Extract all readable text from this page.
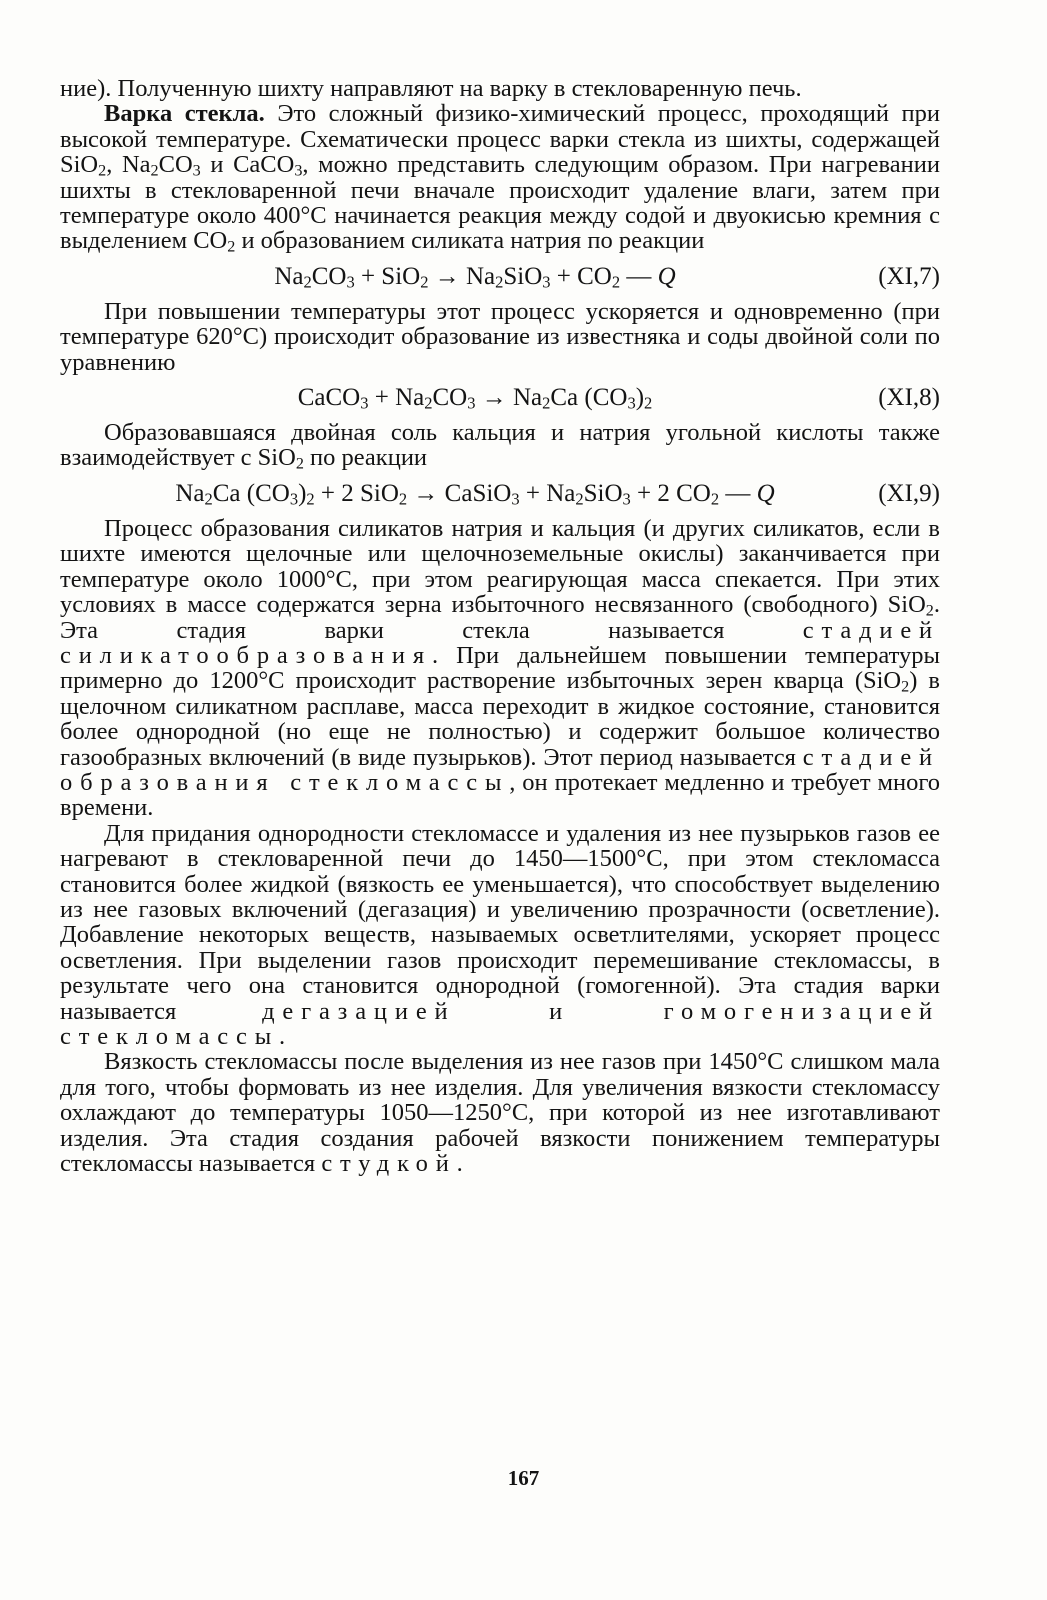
ние). Полученную шихту направляют на варку в стекловаренную печь.

Варка стекла. Это сложный физико-химический процесс, проходящий при высокой температуре. Схематически процесс варки стекла из шихты, содержащей SiO$_2$, $Na_2CO_3$ и CaCO$_3$, можно представить следующим образом. При нагревании шихты в стекловаренной печи вначале происходит удаление влаги, затем при температуре около 400°С начинается реакция между содой и двуокисью кремния с выделением $CO_2$ и образованием силиката натрия по реакции

$Na_2CO_3 + SiO_2 \to Na_2SiO_3 + CO_2$ — Q	(XI,7)

При повышении температуры этот процесс ускоряется и одновременно (при температуре 620°С) происходит образование из известняка и соды двойной соли по уравнению

CaCO$_3$ + $Na_2CO_3 \to Na_2Ca$ $(CO_3)_2$	(XI,8)

Образовавшаяся двойная соль кальция и натрия угольной кислоты также взаимодействует с SiO$_2$ по реакции

$Na_2Ca$ $(CO_3)_2 + 2$ SiO$_2$ → CaSiO$_3$ + $Na_2SiO_3 + 2$ $CO_2$ — Q	(XI,9)

Процесс образования силикатов натрия и кальция (и других силикатов, если в шихте имеются щелочные или щелочноземельные окислы) заканчивается при температуре около 1000°С, при этом реагирующая масса спекается. При этих условиях в массе содержатся зерна избыточного несвязанного (свободного) SiO$_2$. Эта стадия варки стекла называется стадией силикатообразования. При дальнейшем повышении температуры примерно до 1200°С происходит растворение избыточных зерен кварца (SiO$_2$) в щелочном силикатном расплаве, масса переходит в жидкое состояние, становится более однородной (но еще не полностью) и содержит большое количество газообразных включений (в виде пузырьков). Этот период называется стадией образования стекломассы, он протекает медленно и требует много времени.

Для придания однородности стекломассе и удаления из нее пузырьков газов ее нагревают в стекловаренной печи до 1450—1500°С, при этом стекломасса становится более жидкой (вязкость ее уменьшается), что способствует выделению из нее газовых включений (дегазация) и увеличению прозрачности (осветление). Добавление некоторых веществ, называемых осветлителями, ускоряет процесс осветления. При выделении газов происходит перемешивание стекломассы, в результате чего она становится однородной (гомогенной). Эта стадия варки называется дегазацией и гомогенизацией стекломассы.

Вязкость стекломассы после выделения из нее газов при 1450°С слишком мала для того, чтобы формовать из нее изделия. Для увеличения вязкости стекломассу охлаждают до температуры 1050—1250°С, при которой из нее изготавливают изделия. Эта стадия создания рабочей вязкости понижением температуры стекломассы называется студкой.

167
